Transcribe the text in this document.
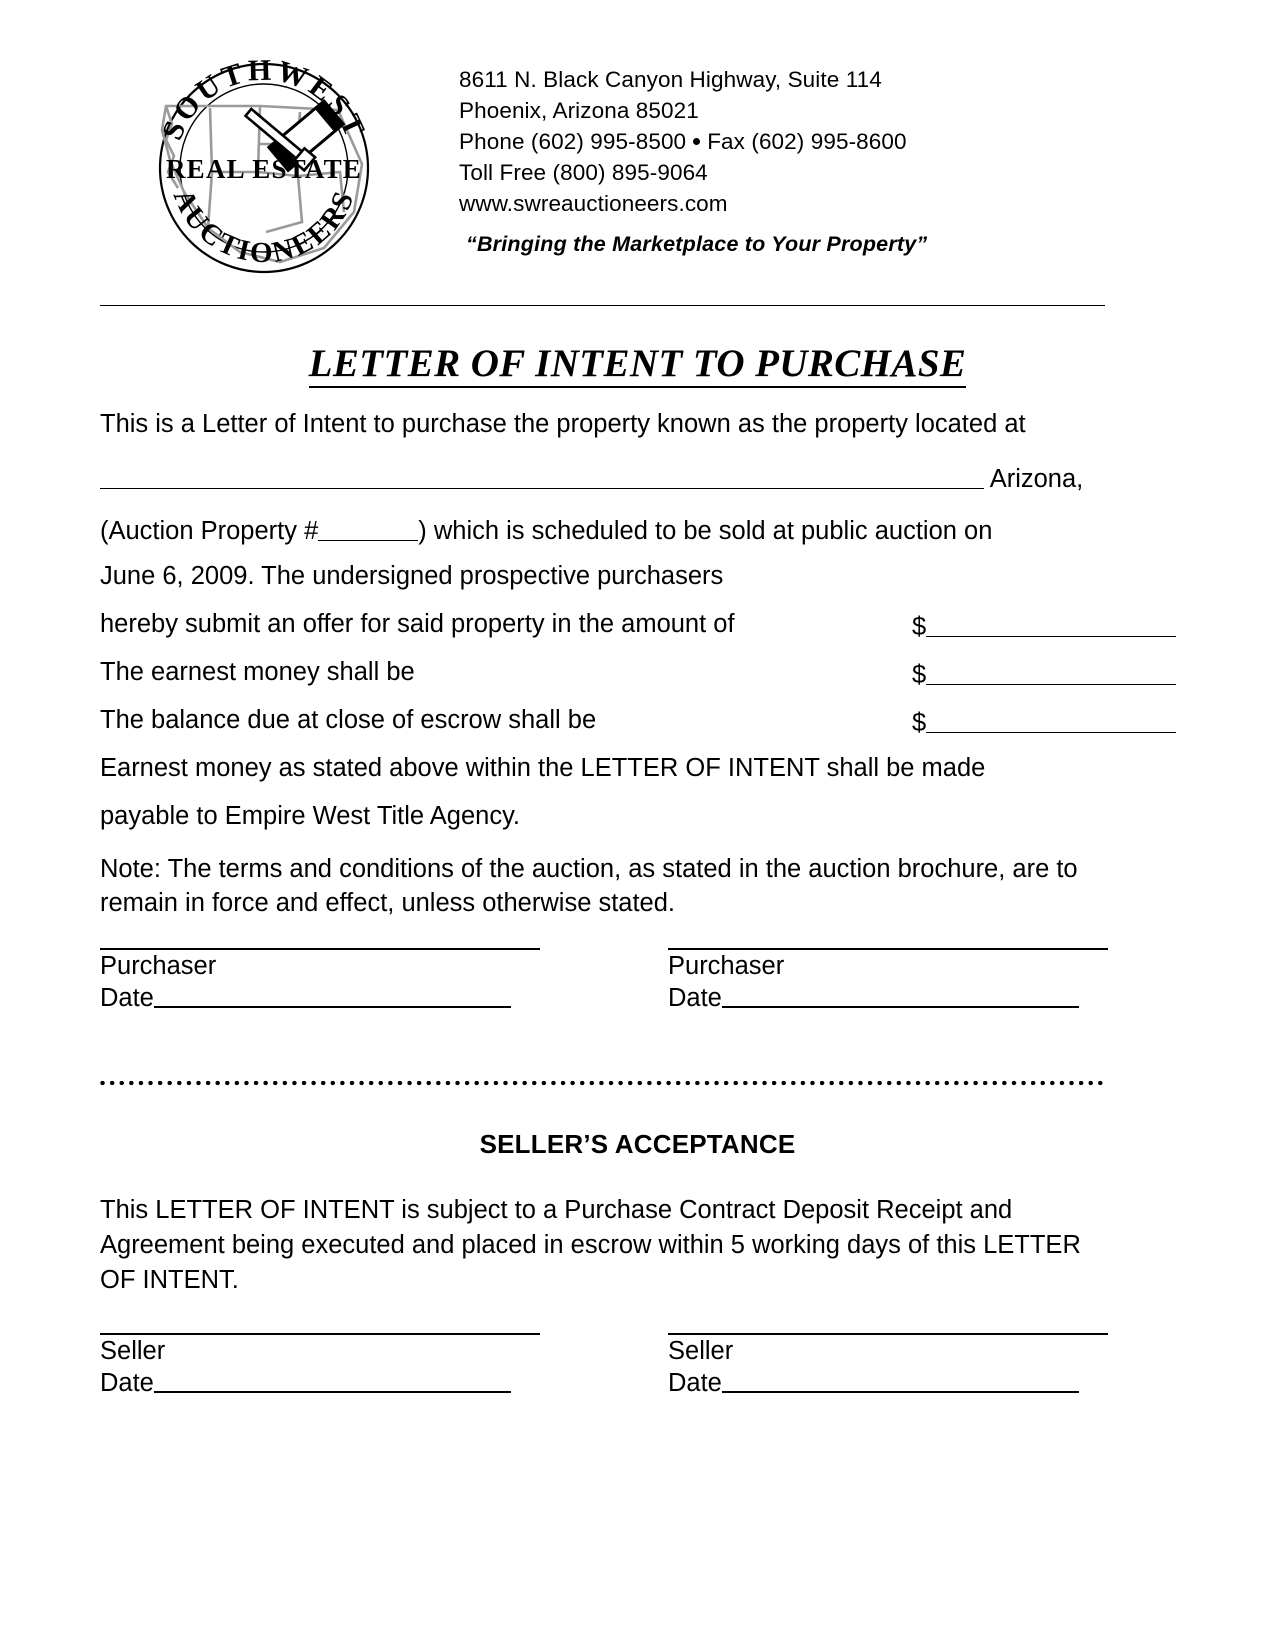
SOUTHWEST
REAL ESTATE
AUCTIONEERS
8611 N. Black Canyon Highway, Suite 114
Phoenix, Arizona 85021
Phone (602) 995-8500 Fax (602) 995-8600
Toll Free (800) 895-9064
www.swreauctioneers.com
“Bringing the Marketplace to Your Property”
LETTER OF INTENT TO PURCHASE
This is a Letter of Intent to purchase the property known as the property located at
Arizona,
(Auction Property #	) which is scheduled to be sold at public auction on
June 6, 2009. The undersigned prospective purchasers
hereby submit an offer for said property in the amount of	$
The earnest money shall be	$
The balance due at close of escrow shall be	$
Earnest money as stated above within the LETTER OF INTENT shall be made
payable to Empire West Title Agency.
Note: The terms and conditions of the auction, as stated in the auction brochure, are to remain in force and effect, unless otherwise stated.
Purchaser
Date
Purchaser
Date
SELLER’S ACCEPTANCE
This LETTER OF INTENT is subject to a Purchase Contract Deposit Receipt and Agreement being executed and placed in escrow within 5 working days of this LETTER OF INTENT.
Seller
Date
Seller
Date
